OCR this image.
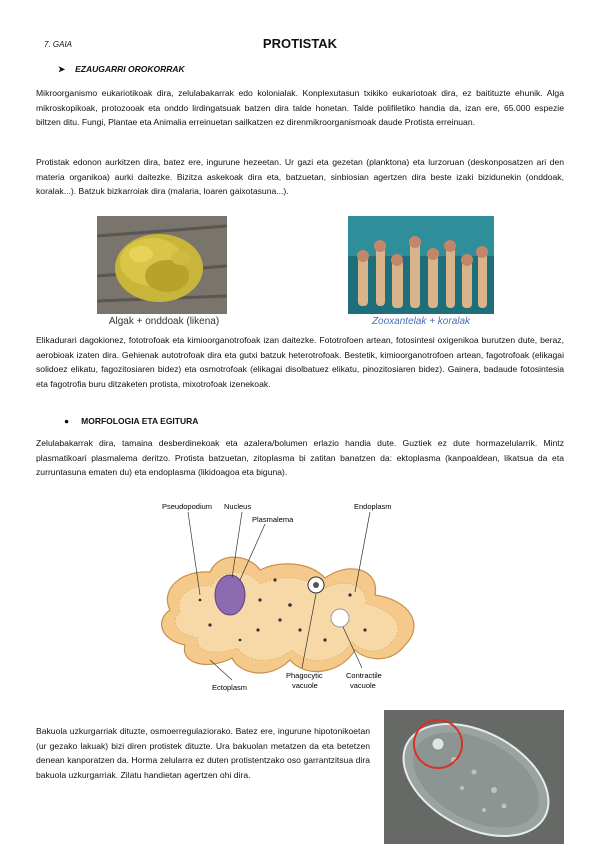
7. GAIA	PROTISTAK
➤ EZAUGARRI OROKORRAK
Mikroorganismo eukariotikoak dira, zelulabakarrak edo kolonialak. Konplexutasun txikiko eukariotoak dira, ez baitituzte ehunik. Alga mikroskopikoak, protozooak eta onddo lirdingatsuak batzen dira talde honetan. Talde polifiletiko handia da, izan ere, 65.000 espezie biltzen ditu. Fungi, Plantae eta Animalia erreinuetan sailkatzen ez direnmikroorganismoak daude Protista erreinuan.
Protistak edonon aurkitzen dira, batez ere, ingurune hezeetan. Ur gazi eta gezetan (planktona) eta lurzoruan (deskonposatzen ari den materia organikoa) aurki daitezke. Bizitza askekoak dira eta, batzuetan, sinbiosian agertzen dira beste izaki bizidunekin (onddoak, koralak...). Batzuk bizkarroiak dira (malaria, loaren gaixotasuna...).
Algak + onddoak (likena)	Zooxantelak + koralak
Elikadurari dagokionez, fototrofoak eta kimioorganotrofoak izan daitezke. Fototrofoen artean, fotosintesi oxigenikoa burutzen dute, beraz, aerobioak izaten dira. Gehienak autotrofoak dira eta gutxi batzuk heterotrofoak. Bestetik, kimioorganotrofoen artean, fagotrofoak (elikagai solidoez elikatu, fagozitosiaren bidez) eta osmotrofoak (elikagai disolbatuez elikatu, pinozitosiaren bidez). Gainera, badaude fotosintesia eta fagotrofia buru ditzaketen protista, mixotrofoak izenekoak.
● MORFOLOGIA ETA EGITURA
Zelulabakarrak dira, tamaina desberdinekoak eta azalera/bolumen erlazio handia dute. Guztiek ez dute hormazelularrik. Mintz plasmatikoari plasmalema deritzo. Protista batzuetan, zitoplasma bi zatitan banatzen da: ektoplasma (kanpoaldean, likatsua da eta zurruntasuna ematen du) eta endoplasma (likidoagoa eta biguna).
Pseudopodium Nucleus
Plasmalema
Endoplasm
Ectoplasm
Phagocytic
vacuole
Contractile
vacuole
Bakuola uzkurgarriak dituzte, osmoerregulaziorako. Batez ere, ingurune hipotonikoetan (ur gezako lakuak) bizi diren protistek dituzte. Ura bakuolan metatzen da eta betetzen denean kanporatzen da. Horma zelularra ez duten protistentzako oso garrantzitsua dira bakuola uzkurgarriak. Zilatu handietan agertzen ohi dira.
